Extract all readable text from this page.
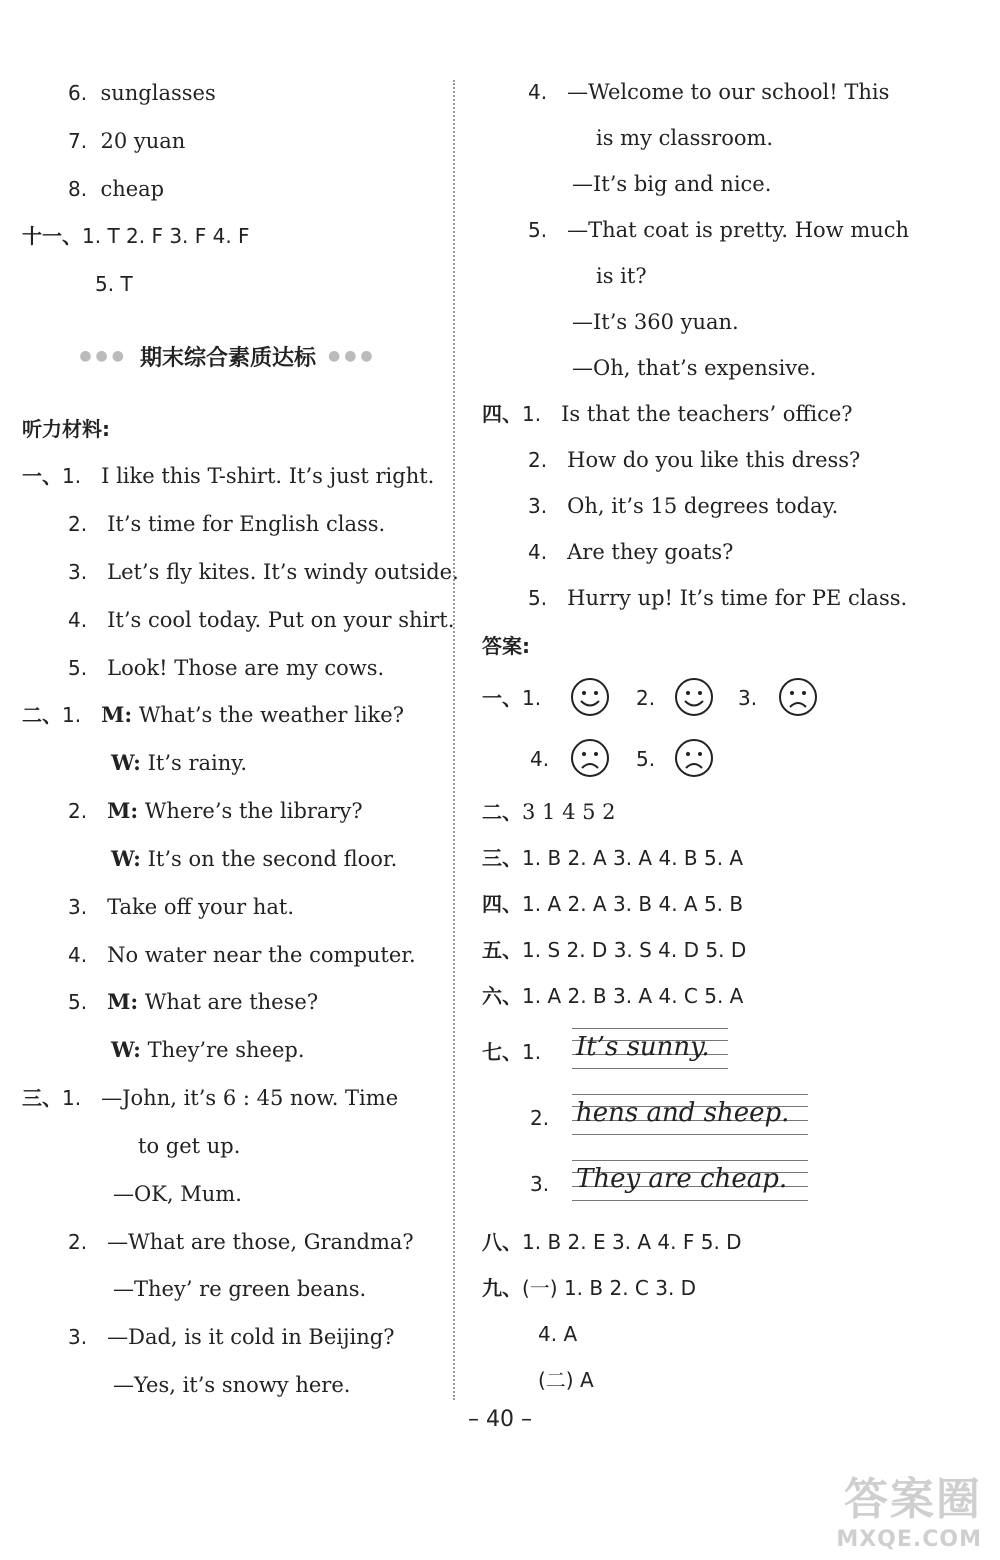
6. sunglasses
7. 20 yuan
8. cheap
十一、1. T 2. F 3. F 4. F
5. T
●●● 期末综合素质达标 ●●●
听力材料:
一、1. I like this T-shirt. It’s just right.
2. It’s time for English class.
3. Let’s fly kites. It’s windy outside.
4. It’s cool today. Put on your shirt.
5. Look! Those are my cows.
二、1. M: What’s the weather like?
W: It’s rainy.
2. M: Where’s the library?
W: It’s on the second floor.
3. Take off your hat.
4. No water near the computer.
5. M: What are these?
W: They’re sheep.
三、1. —John, it’s 6 : 45 now. Time
to get up.
—OK, Mum.
2. —What are those, Grandma?
—They’ re green beans.
3. —Dad, is it cold in Beijing?
—Yes, it’s snowy here.
4. —Welcome to our school! This
is my classroom.
—It’s big and nice.
5. —That coat is pretty. How much
is it?
—It’s 360 yuan.
—Oh, that’s expensive.
四、1. Is that the teachers’ office?
2. How do you like this dress?
3. Oh, it’s 15 degrees today.
4. Are they goats?
5. Hurry up! It’s time for PE class.
答案:
一、1.	2.	3.
4.	5.
二、3 1 4 5 2
三、1. B 2. A 3. A 4. B 5. A
四、1. A 2. A 3. B 4. A 5. B
五、1. S 2. D 3. S 4. D 5. D
六、1. A 2. B 3. A 4. C 5. A
七、1. It’s sunny.
2. hens and sheep.
3. They are cheap.
八、1. B 2. E 3. A 4. F 5. D
九、(一) 1. B 2. C 3. D
4. A
(二) A
– 40 –
答案圈
MXQE.COM
